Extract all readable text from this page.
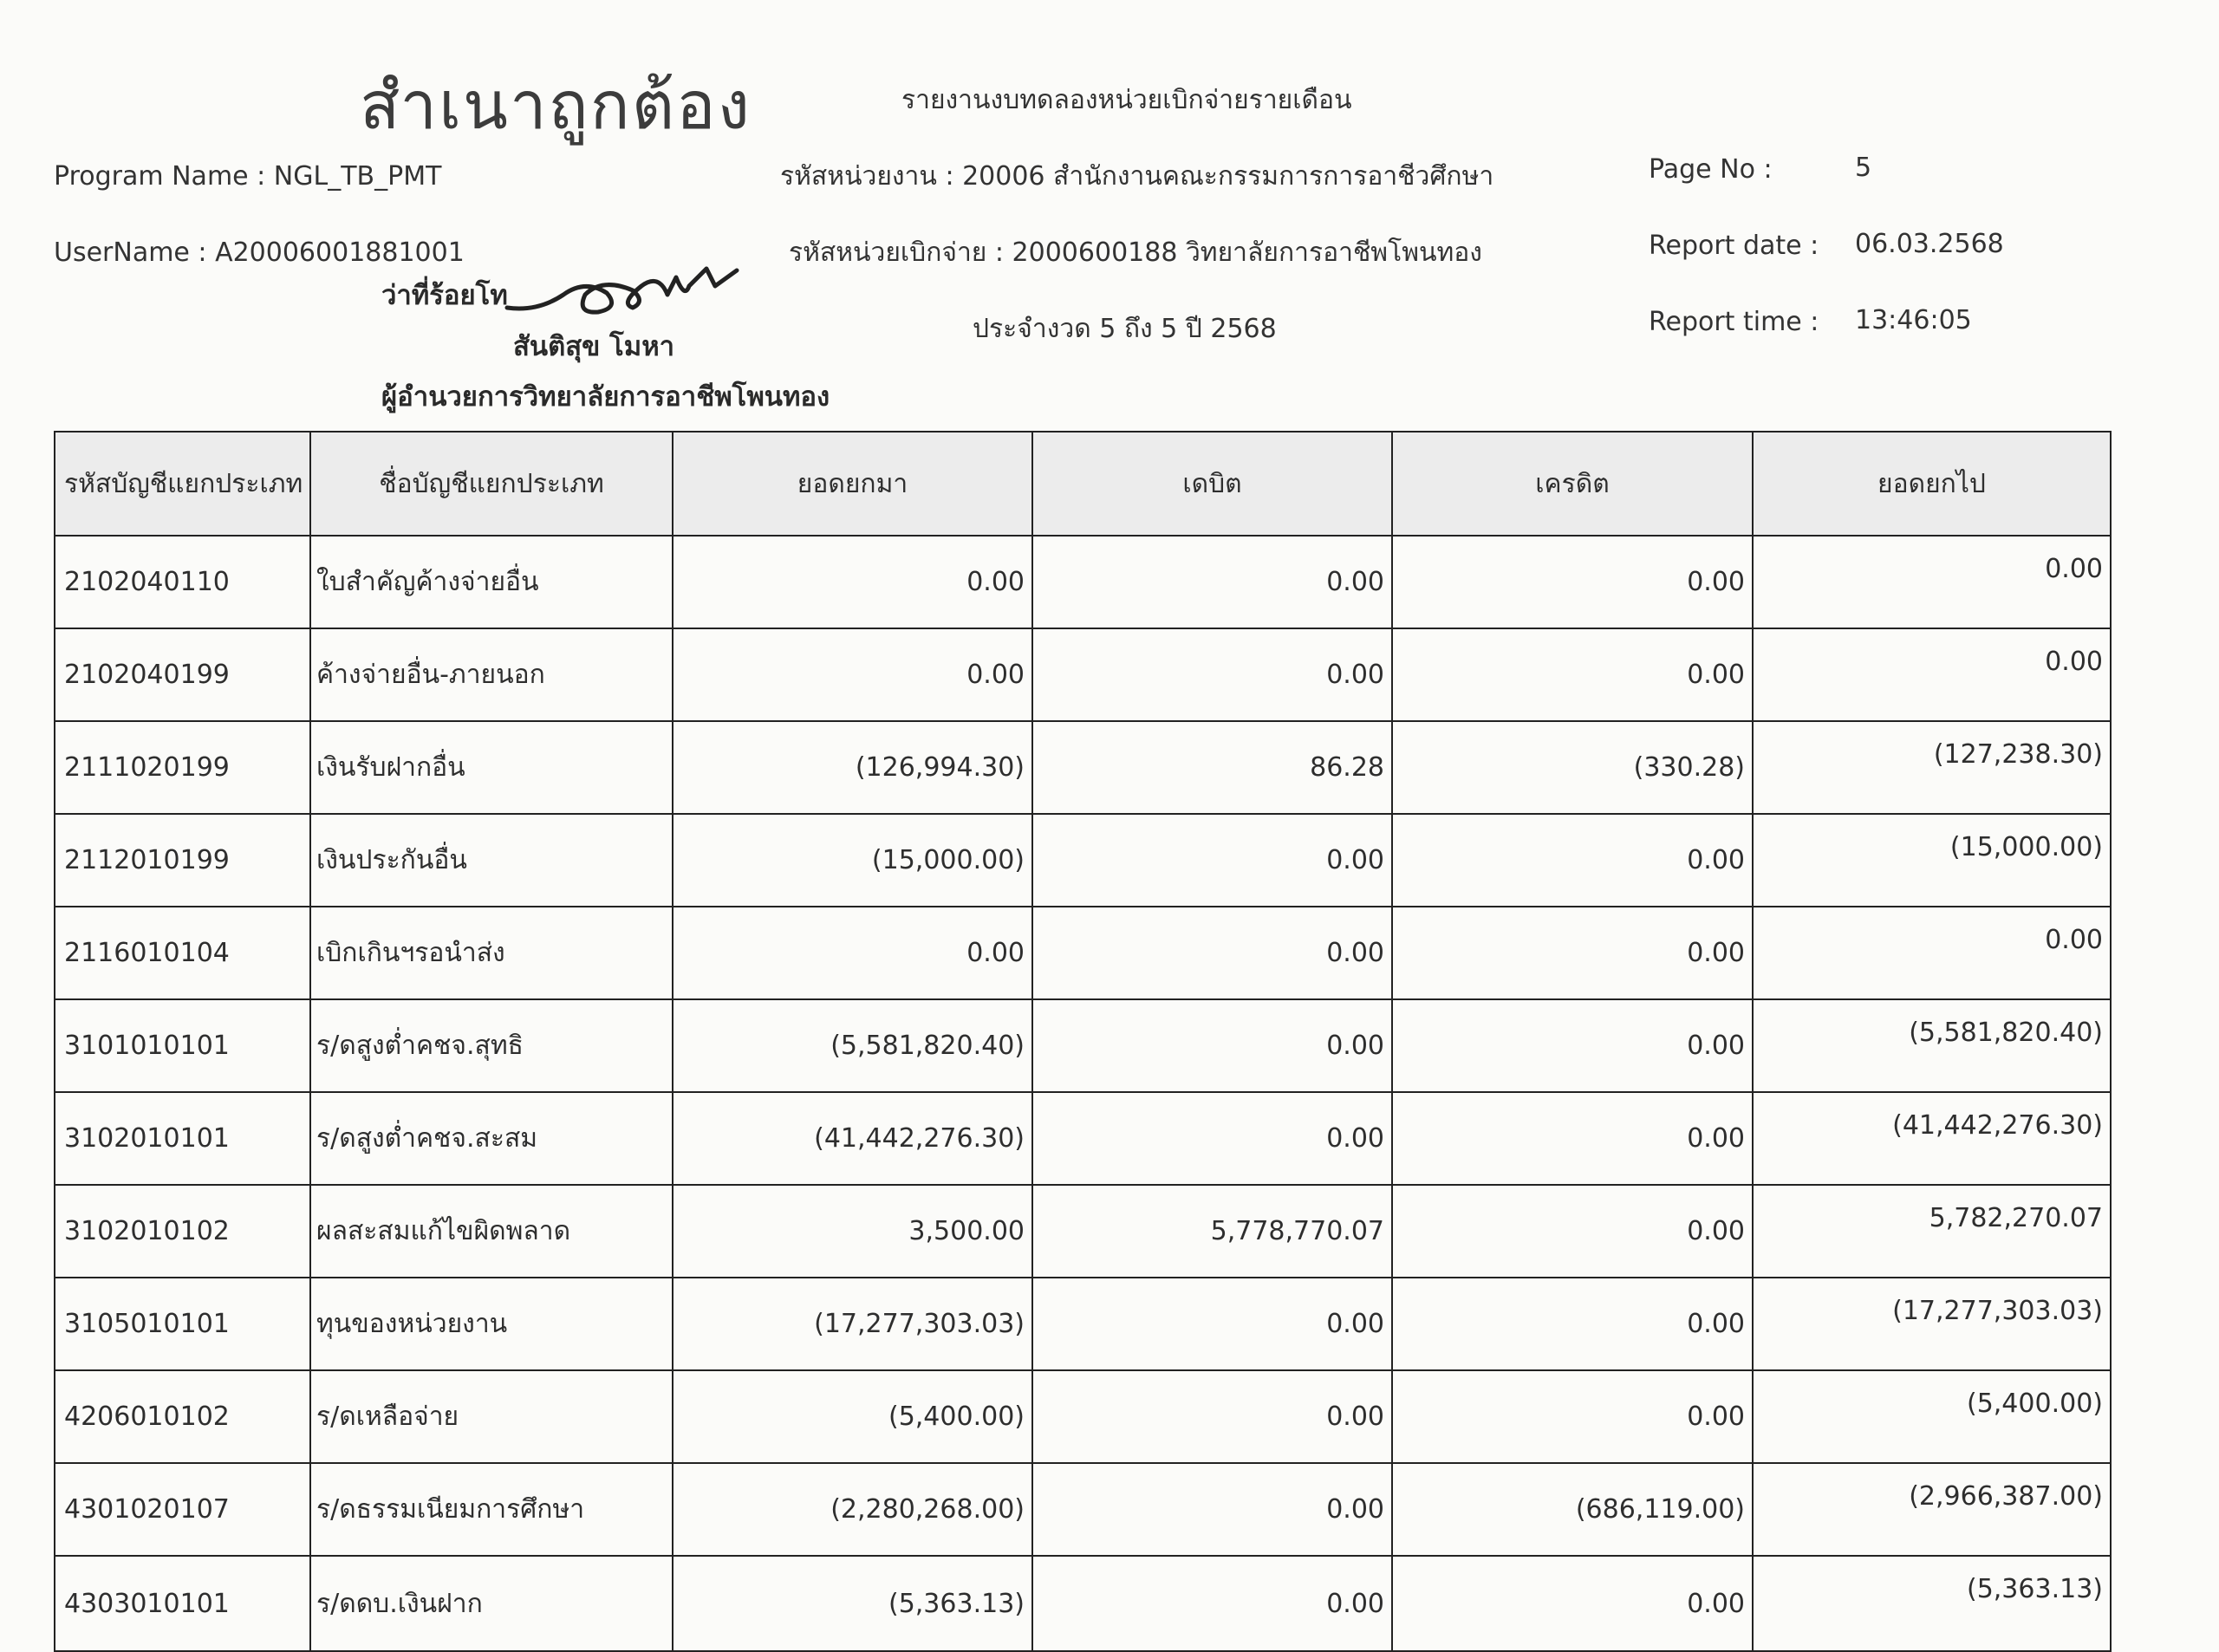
สำเนาถูกต้อง	รายงานงบทดลองหน่วยเบิกจ่ายรายเดือน
Program Name : NGL_TB_PMT	รหัสหน่วยงาน : 20006 สำนักงานคณะกรรมการการอาชีวศึกษา	Page No :	5
UserName : A20006001881001	รหัสหน่วยเบิกจ่าย : 2000600188 วิทยาลัยการอาชีพโพนทอง	Report date : 06.03.2568
ประจำงวด 5 ถึง 5 ปี 2568	Report time : 13:46:05
ว่าที่ร้อยโท
สันติสุข โมหา
ผู้อำนวยการวิทยาลัยการอาชีพโพนทอง
รหัสบัญชีแยกประเภท	ชื่อบัญชีแยกประเภท	ยอดยกมา	เดบิต	เครดิต	ยอดยกไป
2102040110	ใบสำคัญค้างจ่ายอื่น	0.00	0.00	0.00	0.00
2102040199	ค้างจ่ายอื่น-ภายนอก	0.00	0.00	0.00	0.00
2111020199	เงินรับฝากอื่น	(126,994.30)	86.28	(330.28)	(127,238.30)
2112010199	เงินประกันอื่น	(15,000.00)	0.00	0.00	(15,000.00)
2116010104	เบิกเกินฯรอนำส่ง	0.00	0.00	0.00	0.00
3101010101	ร/ดสูงต่ำคชจ.สุทธิ	(5,581,820.40)	0.00	0.00	(5,581,820.40)
3102010101	ร/ดสูงต่ำคชจ.สะสม	(41,442,276.30)	0.00	0.00	(41,442,276.30)
3102010102	ผลสะสมแก้ไขผิดพลาด	3,500.00	5,778,770.07	0.00	5,782,270.07
3105010101	ทุนของหน่วยงาน	(17,277,303.03)	0.00	0.00	(17,277,303.03)
4206010102	ร/ดเหลือจ่าย	(5,400.00)	0.00	0.00	(5,400.00)
4301020107	ร/ดธรรมเนียมการศึกษา	(2,280,268.00)	0.00	(686,119.00)	(2,966,387.00)
4303010101	ร/ดดบ.เงินฝาก	(5,363.13)	0.00	0.00	(5,363.13)
